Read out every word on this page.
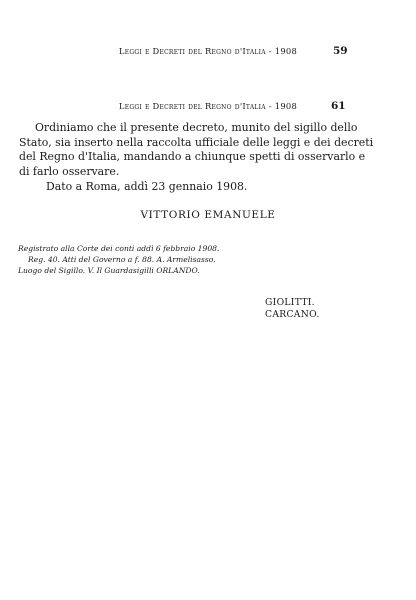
Leggi e Decreti del Regno d'Italia - 1908	59
Leggi e Decreti del Regno d'Italia - 1908	61
Ordiniamo che il presente decreto, munito del sigillo dello
Stato, sia inserto nella raccolta ufficiale delle leggi e dei decreti
del Regno d'Italia, mandando a chiunque spetti di osservarlo e
di farlo osservare.
Dato a Roma, addì 23 gennaio 1908.
VITTORIO EMANUELE
Registrato alla Corte dei conti addì 6 febbraio 1908.
Reg. 40. Atti del Governo a f. 88. A. Armelisasso.
Luogo del Sigillo. V. Il Guardasigilli ORLANDO.
GIOLITTI.
CARCANO.
